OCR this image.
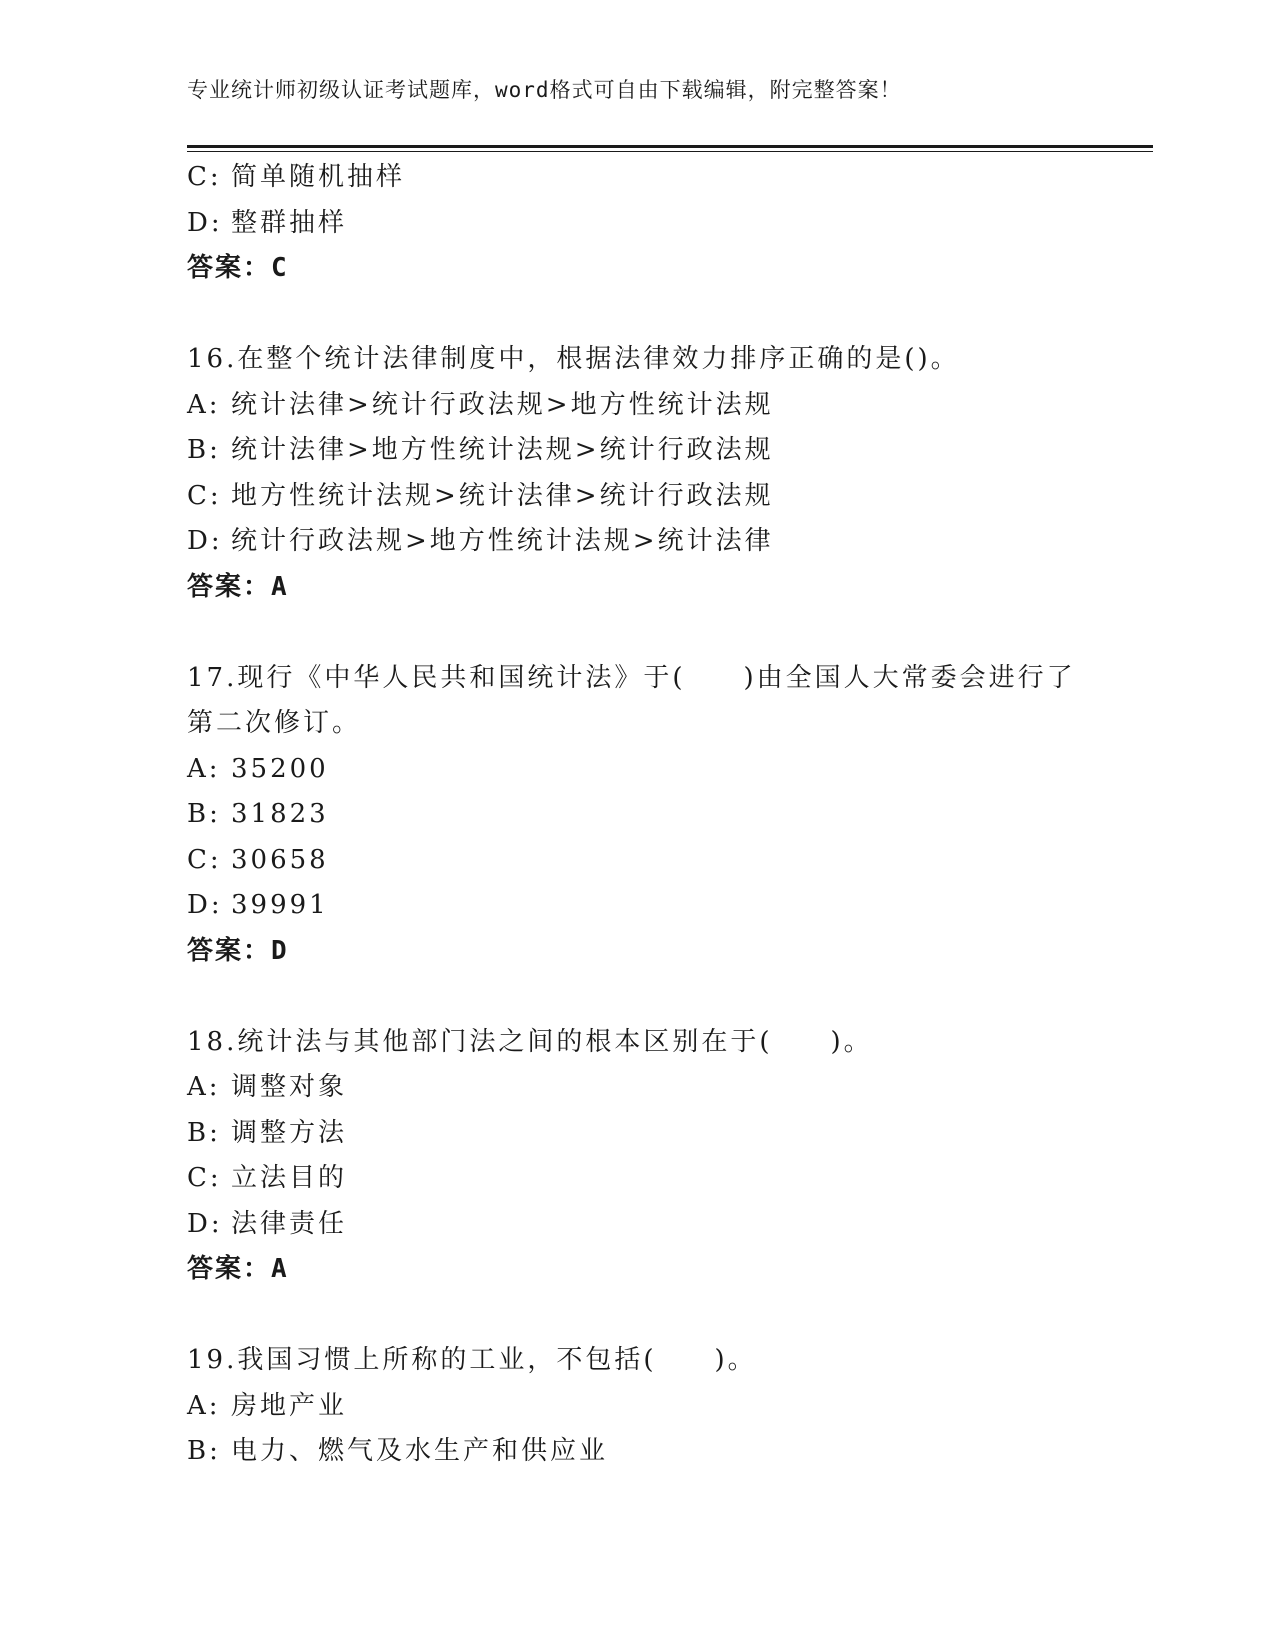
专业统计师初级认证考试题库，word格式可自由下载编辑，附完整答案！
C: 简单随机抽样
D: 整群抽样
答案：C
16.在整个统计法律制度中，根据法律效力排序正确的是()。
A: 统计法律>统计行政法规>地方性统计法规
B: 统计法律>地方性统计法规>统计行政法规
C: 地方性统计法规>统计法律>统计行政法规
D: 统计行政法规>地方性统计法规>统计法律
答案：A
17.现行《中华人民共和国统计法》于(　　)由全国人大常委会进行了
第二次修订。
A: 35200
B: 31823
C: 30658
D: 39991
答案：D
18.统计法与其他部门法之间的根本区别在于(　　)。
A: 调整对象
B: 调整方法
C: 立法目的
D: 法律责任
答案：A
19.我国习惯上所称的工业，不包括(　　)。
A: 房地产业
B: 电力、燃气及水生产和供应业
